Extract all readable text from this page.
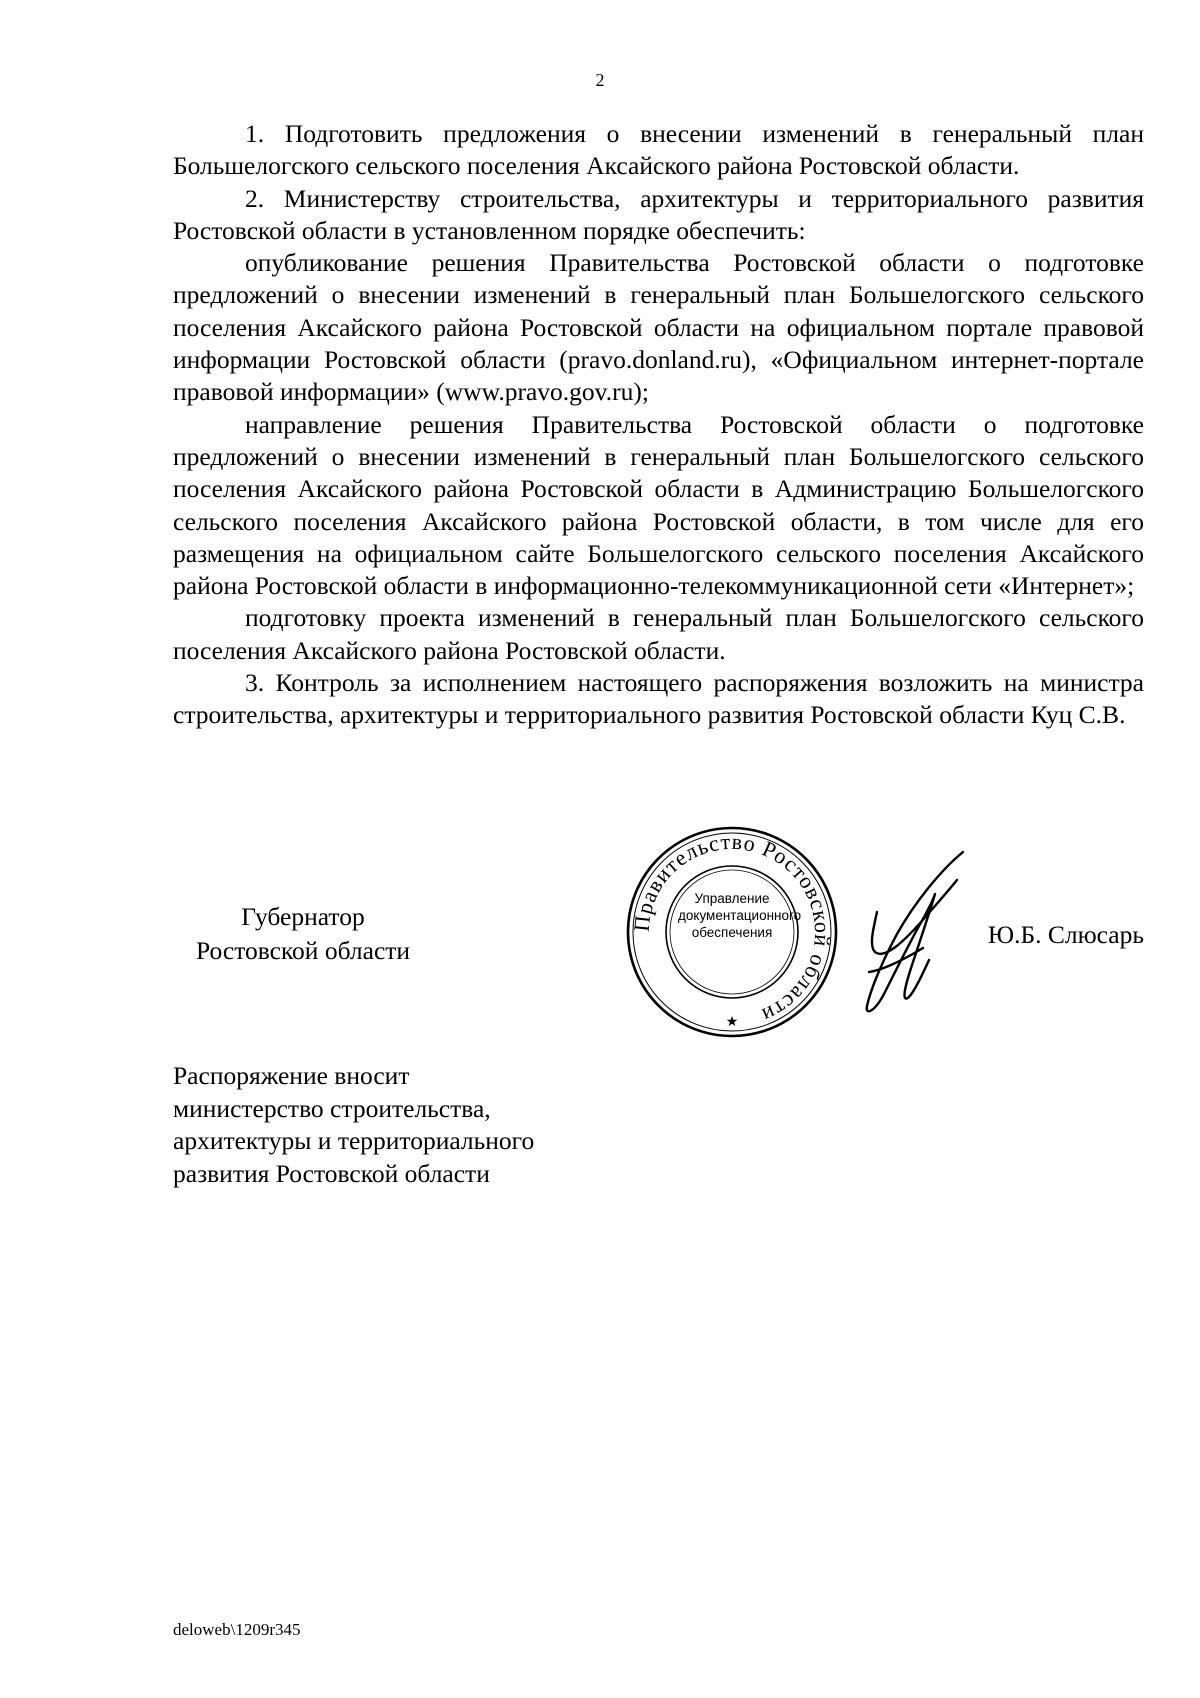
2

1. Подготовить предложения о внесении изменений в генеральный план Большелогского сельского поселения Аксайского района Ростовской области.

2. Министерству строительства, архитектуры и территориального развития Ростовской области в установленном порядке обеспечить:

опубликование решения Правительства Ростовской области о подготовке предложений о внесении изменений в генеральный план Большелогского сельского поселения Аксайского района Ростовской области на официальном портале правовой информации Ростовской области (pravo.donland.ru), «Официальном интернет-портале правовой информации» (www.pravo.gov.ru);

направление решения Правительства Ростовской области о подготовке предложений о внесении изменений в генеральный план Большелогского сельского поселения Аксайского района Ростовской области в Администрацию Большелогского сельского поселения Аксайского района Ростовской области, в том числе для его размещения на официальном сайте Большелогского сельского поселения Аксайского района Ростовской области в информационно-телекоммуникационной сети «Интернет»;

подготовку проекта изменений в генеральный план Большелогского сельского поселения Аксайского района Ростовской области.

3. Контроль за исполнением настоящего распоряжения возложить на министра строительства, архитектуры и территориального развития Ростовской области Куц С.В.

Губернатор
Ростовской области
Правительство Ростовской области
★
Управление
документационного
обеспечения	Ю.Б. Слюсарь
Распоряжение вносит
министерство строительства,
архитектуры и территориального
развития Ростовской области
deloweb\1209r345
